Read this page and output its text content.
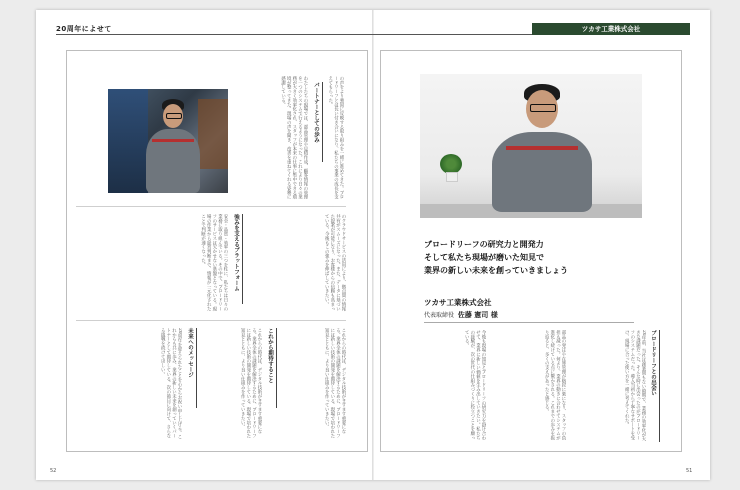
20周年によせて	ツカサ工業株式会社
ブロードリーフの研究力と開発力
そして私たち現場が磨いた知見で
業界の新しい未来を創っていきましょう
ツカサ工業株式会社
代表取締役 佐藤 憲司 様
ブロードリーフとの出会い
20年前、当社は創業間もない時期で、業務の効率化が大きな課題だった。そんな時に出会ったのがブロードリーフのシステムだった。導入当初から丁寧なサポートを受け、現場に合った使い方を一緒に考えてくれた。
部品の発注や在庫管理が格段に楽になり、スタッフの負担も減った。何より、業界の動きに合わせてシステムが進化し続けている点に驚かされる。これまでの歩みを振り返ると、多くの支えがあったと感じる。
今後も現場の知見とブロードリーフの研究力を掛け合わせて、業界に新しい価値を生み出していきたい。私たちの経験が、次の世代の仕組みづくりに役立つことを願っている。
パートナーとしての歩み	の声をより強固に反映する取り組みを一緒に進めてきた。ブロードリーフとは長い付き合いになり、私たちの事業の成長を支えてもらった。
わたしたちの現場では、部品管理や見積作成、顧客情報の管理を一つのシステムで行えるようになった。これにより日々の業務が大きく効率化され、スタッフが本来の仕事に集中できる環境が整ってきた。現場の声を聞き、改善を重ねてくれる姿勢に感謝している。
強みを支えるプラットフォーム	のクラウドサービスの活用により、拠点間の情報共有がスムーズになった。また、データに基づいた提案が可能になり、お客様からの信頼も高まっている。今後もこの強みを伸ばしていきたい。
安全・品質・効率の三つを柱に、私たちは日々の業務に取り組んでいる。その中で、ブロードリーフのサービスは欠かせない基盤となっている。現場の作業から経営判断まで、情報が一元化されたことで判断が速くなった。
これから期待すること	これからの時代は、デジタル技術がますます重要になる。業界全体の課題を解決するために、ブロードリーフには新しい技術の開発を期待している。現場で培われた知見とともに、より良い仕組みを作っていきたい。
未来へのメッセージ
20周年を迎えられたことを心からお祝い申し上げる。これからも共に歩み、業界の新しい未来を創っていくパートナーとして期待している。次の節目に向けて、さらなる挑戦を続けてほしい。	これからの時代は、デジタル技術がますます重要になる。業界全体の課題を解決するために、ブロードリーフには新しい技術の開発を期待している。現場で培われた知見とともに、より良い仕組みを作っていきたい。
52	51
